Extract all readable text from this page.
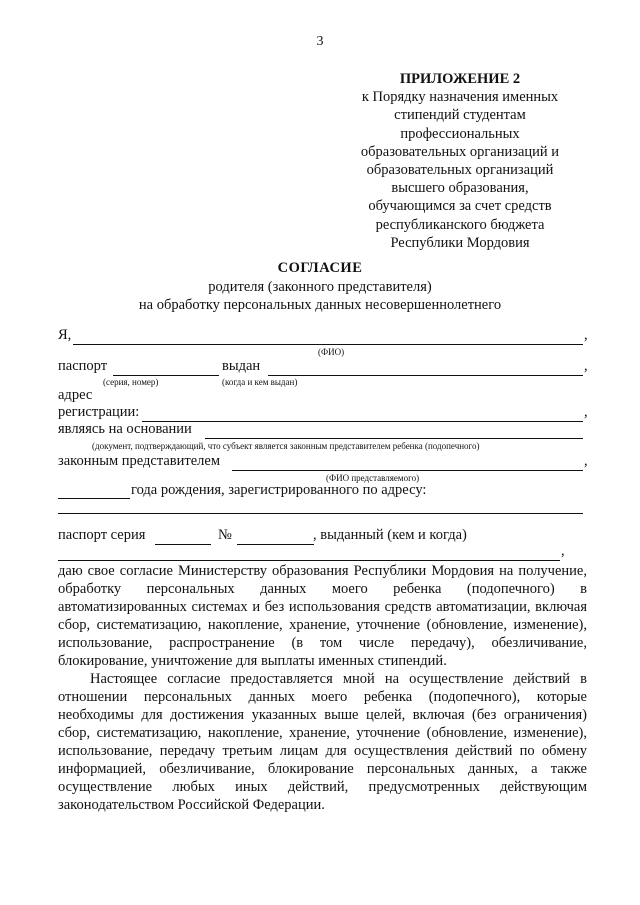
3
ПРИЛОЖЕНИЕ 2
к Порядку назначения именных
стипендий студентам
профессиональных
образовательных организаций и
образовательных организаций
высшего образования,
обучающимся за счет средств
республиканского бюджета
Республики Мордовия
СОГЛАСИЕ
родителя (законного представителя)
на обработку персональных данных несовершеннолетнего
Я,	,
(ФИО)
паспорт	выдан	,
(серия, номер)	(когда и кем выдан)
адрес
регистрации:	,
являясь на основании
(документ, подтверждающий, что субъект является законным представителем ребенка (подопечного)
законным представителем	,
(ФИО представляемого)
года рождения, зарегистрированного по адресу:
паспорт серия	№	, выданный (кем и когда)
,

даю свое согласие Министерству образования Республики Мордовия на получение, обработку персональных данных моего ребенка (подопечного) в автоматизированных системах и без использования средств автоматизации, включая сбор, систематизацию, накопление, хранение, уточнение (обновление, изменение), использование, распространение (в том числе передачу), обезличивание, блокирование, уничтожение для выплаты именных стипендий.

Настоящее согласие предоставляется мной на осуществление действий в отношении персональных данных моего ребенка (подопечного), которые необходимы для достижения указанных выше целей, включая (без ограничения) сбор, систематизацию, накопление, хранение, уточнение (обновление, изменение), использование, передачу третьим лицам для осуществления действий по обмену информацией, обезличивание, блокирование персональных данных, а также осуществление любых иных действий, предусмотренных действующим законодательством Российской Федерации.
